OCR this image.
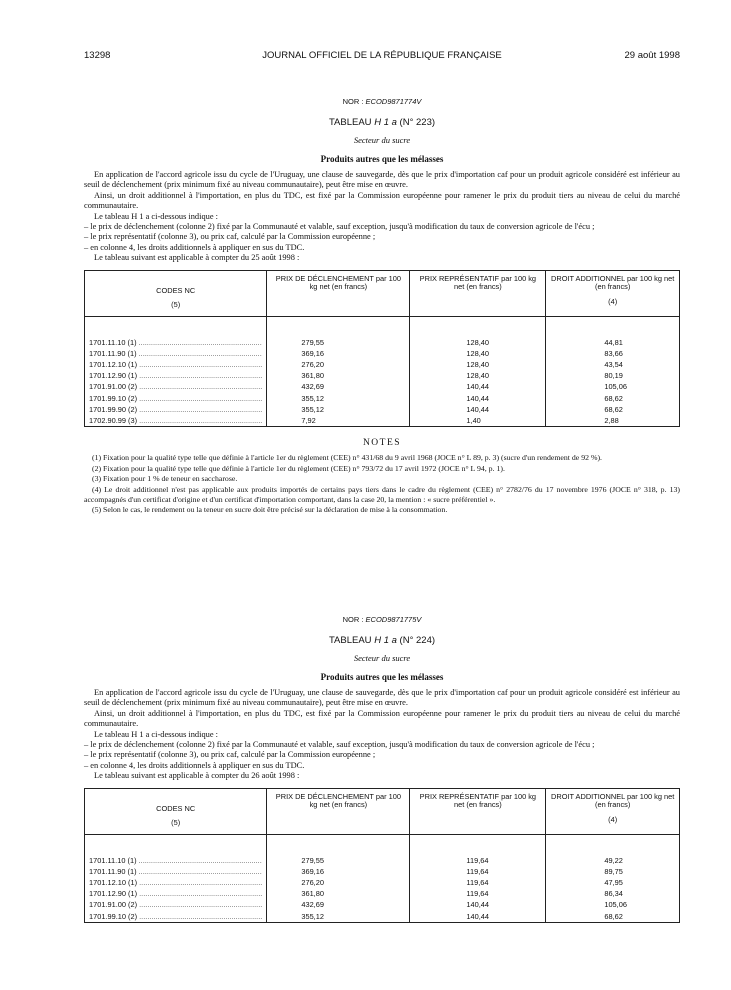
13298	JOURNAL OFFICIEL DE LA RÉPUBLIQUE FRANÇAISE	29 août 1998
NOR : ECOD9871774V
TABLEAU H 1 a (N° 223)
Secteur du sucre
Produits autres que les mélasses

En application de l'accord agricole issu du cycle de l'Uruguay, une clause de sauvegarde, dès que le prix d'importation caf pour un produit agricole considéré est inférieur au seuil de déclenchement (prix minimum fixé au niveau communautaire), peut être mise en œuvre.

Ainsi, un droit additionnel à l'importation, en plus du TDC, est fixé par la Commission européenne pour ramener le prix du produit tiers au niveau de celui du marché communautaire.

Le tableau H 1 a ci-dessous indique :

– le prix de déclenchement (colonne 2) fixé par la Communauté et valable, sauf exception, jusqu'à modification du taux de conversion agricole de l'écu ;

– le prix représentatif (colonne 3), ou prix caf, calculé par la Commission européenne ;

– en colonne 4, les droits additionnels à appliquer en sus du TDC.

Le tableau suivant est applicable à compter du 25 août 1998 :

CODES NC
(5)	PRIX DE DÉCLENCHEMENT par 100 kg net (en francs)	PRIX REPRÉSENTATIF par 100 kg net (en francs)	DROIT ADDITIONNEL par 100 kg net (en francs)
(4)

1701.11.10 (1) ............................................................	279,55	128,40	44,81
1701.11.90 (1) ............................................................	369,16	128,40	83,66
1701.12.10 (1) ............................................................	276,20	128,40	43,54
1701.12.90 (1) ............................................................	361,80	128,40	80,19
1701.91.00 (2) ............................................................	432,69	140,44	105,06
1701.99.10 (2) ............................................................	355,12	140,44	68,62
1701.99.90 (2) ............................................................	355,12	140,44	68,62
1702.90.99 (3) ............................................................	7,92	1,40	2,88
NOTES

(1) Fixation pour la qualité type telle que définie à l'article 1er du règlement (CEE) n° 431/68 du 9 avril 1968 (JOCE n° L 89, p. 3) (sucre d'un rendement de 92 %).

(2) Fixation pour la qualité type telle que définie à l'article 1er du règlement (CEE) n° 793/72 du 17 avril 1972 (JOCE n° L 94, p. 1).

(3) Fixation pour 1 % de teneur en saccharose.

(4) Le droit additionnel n'est pas applicable aux produits importés de certains pays tiers dans le cadre du règlement (CEE) n° 2782/76 du 17 novembre 1976 (JOCE n° 318, p. 13) accompagnés d'un certificat d'origine et d'un certificat d'importation comportant, dans la case 20, la mention : « sucre préférentiel ».

(5) Selon le cas, le rendement ou la teneur en sucre doit être précisé sur la déclaration de mise à la consommation.

NOR : ECOD9871775V
TABLEAU H 1 a (N° 224)
Secteur du sucre
Produits autres que les mélasses

En application de l'accord agricole issu du cycle de l'Uruguay, une clause de sauvegarde, dès que le prix d'importation caf pour un produit agricole considéré est inférieur au seuil de déclenchement (prix minimum fixé au niveau communautaire), peut être mise en œuvre.

Ainsi, un droit additionnel à l'importation, en plus du TDC, est fixé par la Commission européenne pour ramener le prix du produit tiers au niveau de celui du marché communautaire.

Le tableau H 1 a ci-dessous indique :

– le prix de déclenchement (colonne 2) fixé par la Communauté et valable, sauf exception, jusqu'à modification du taux de conversion agricole de l'écu ;

– le prix représentatif (colonne 3), ou prix caf, calculé par la Commission européenne ;

– en colonne 4, les droits additionnels à appliquer en sus du TDC.

Le tableau suivant est applicable à compter du 26 août 1998 :

CODES NC
(5)	PRIX DE DÉCLENCHEMENT par 100 kg net (en francs)	PRIX REPRÉSENTATIF par 100 kg net (en francs)	DROIT ADDITIONNEL par 100 kg net (en francs)
(4)

1701.11.10 (1) ............................................................	279,55	119,64	49,22
1701.11.90 (1) ............................................................	369,16	119,64	89,75
1701.12.10 (1) ............................................................	276,20	119,64	47,95
1701.12.90 (1) ............................................................	361,80	119,64	86,34
1701.91.00 (2) ............................................................	432,69	140,44	105,06
1701.99.10 (2) ............................................................	355,12	140,44	68,62
